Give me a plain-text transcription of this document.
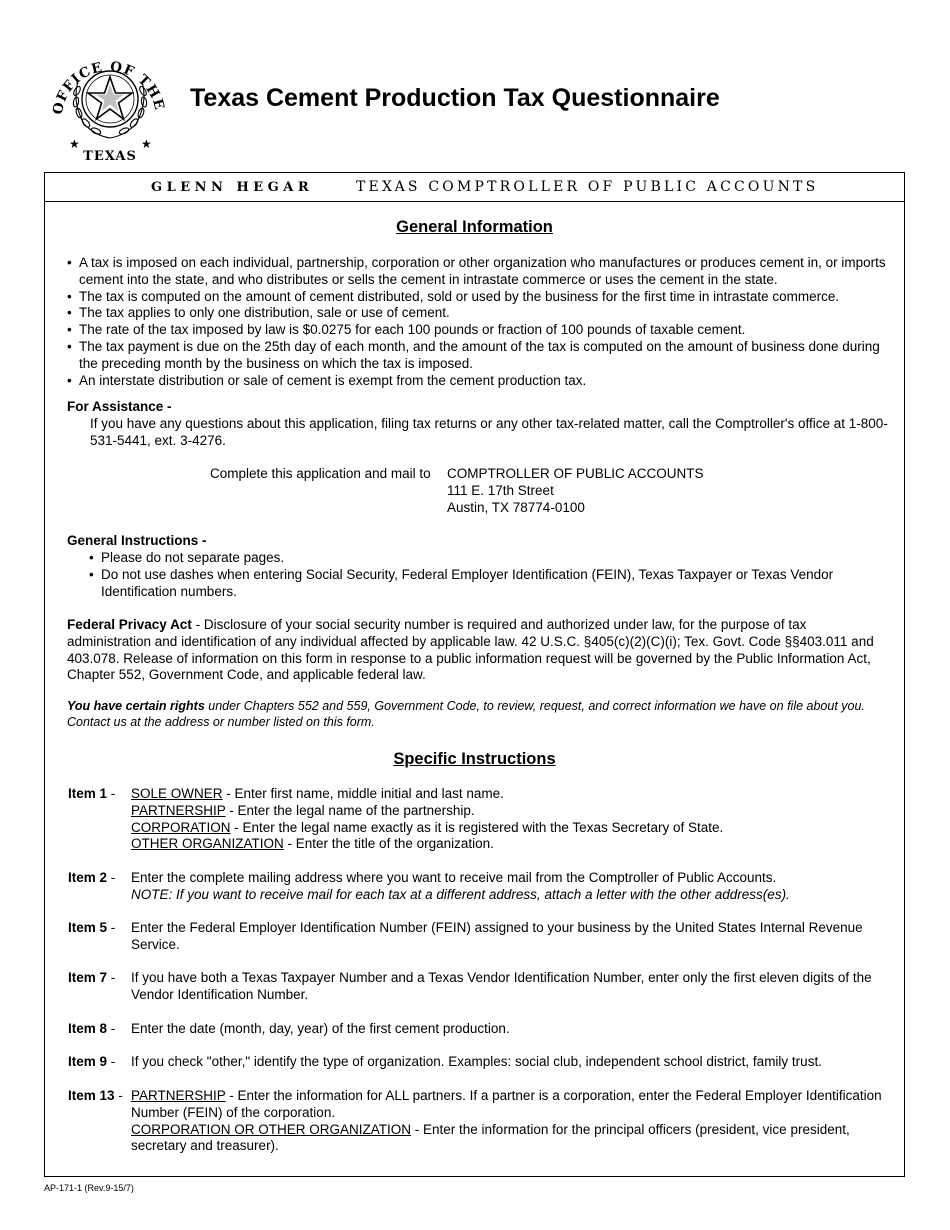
OFFICE OF THE
TEXAS
★	★
Texas Cement Production Tax Questionnaire
GLENN HEGAR	TEXAS COMPTROLLER OF PUBLIC ACCOUNTS
General Information
• A tax is imposed on each individual, partnership, corporation or other organization who manufactures or produces cement in, or imports cement into the state, and who distributes or sells the cement in intrastate commerce or uses the cement in the state.
• The tax is computed on the amount of cement distributed, sold or used by the business for the first time in intrastate commerce.
• The tax applies to only one distribution, sale or use of cement.
• The rate of the tax imposed by law is $0.0275 for each 100 pounds or fraction of 100 pounds of taxable cement.
• The tax payment is due on the 25th day of each month, and the amount of the tax is computed on the amount of business done during the preceding month by the business on which the tax is imposed.
• An interstate distribution or sale of cement is exempt from the cement production tax.
For Assistance -
If you have any questions about this application, filing tax returns or any other tax-related matter, call the Comptroller's office at 1-800-531-5441, ext. 3-4276.
Complete this application and mail to COMPTROLLER OF PUBLIC ACCOUNTS
111 E. 17th Street
Austin, TX 78774-0100
General Instructions -
• Please do not separate pages.
• Do not use dashes when entering Social Security, Federal Employer Identification (FEIN), Texas Taxpayer or Texas Vendor Identification numbers.
Federal Privacy Act - Disclosure of your social security number is required and authorized under law, for the purpose of tax administration and identification of any individual affected by applicable law. 42 U.S.C. §405(c)(2)(C)(i); Tex. Govt. Code §§403.011 and 403.078. Release of information on this form in response to a public information request will be governed by the Public Information Act, Chapter 552, Government Code, and applicable federal law.
You have certain rights under Chapters 552 and 559, Government Code, to review, request, and correct information we have on file about you. Contact us at the address or number listed on this form.
Specific Instructions
Item 1 - SOLE OWNER - Enter first name, middle initial and last name.
PARTNERSHIP - Enter the legal name of the partnership.
CORPORATION - Enter the legal name exactly as it is registered with the Texas Secretary of State.
OTHER ORGANIZATION - Enter the title of the organization.
Item 2 - Enter the complete mailing address where you want to receive mail from the Comptroller of Public Accounts.
NOTE: If you want to receive mail for each tax at a different address, attach a letter with the other address(es).
Item 5 - Enter the Federal Employer Identification Number (FEIN) assigned to your business by the United States Internal Revenue Service.
Item 7 - If you have both a Texas Taxpayer Number and a Texas Vendor Identification Number, enter only the first eleven digits of the Vendor Identification Number.
Item 8 - Enter the date (month, day, year) of the first cement production.
Item 9 - If you check "other," identify the type of organization. Examples: social club, independent school district, family trust.
Item 13 - PARTNERSHIP - Enter the information for ALL partners. If a partner is a corporation, enter the Federal Employer Identification Number (FEIN) of the corporation.
CORPORATION OR OTHER ORGANIZATION - Enter the information for the principal officers (president, vice president, secretary and treasurer).
AP-171-1 (Rev.9-15/7)
